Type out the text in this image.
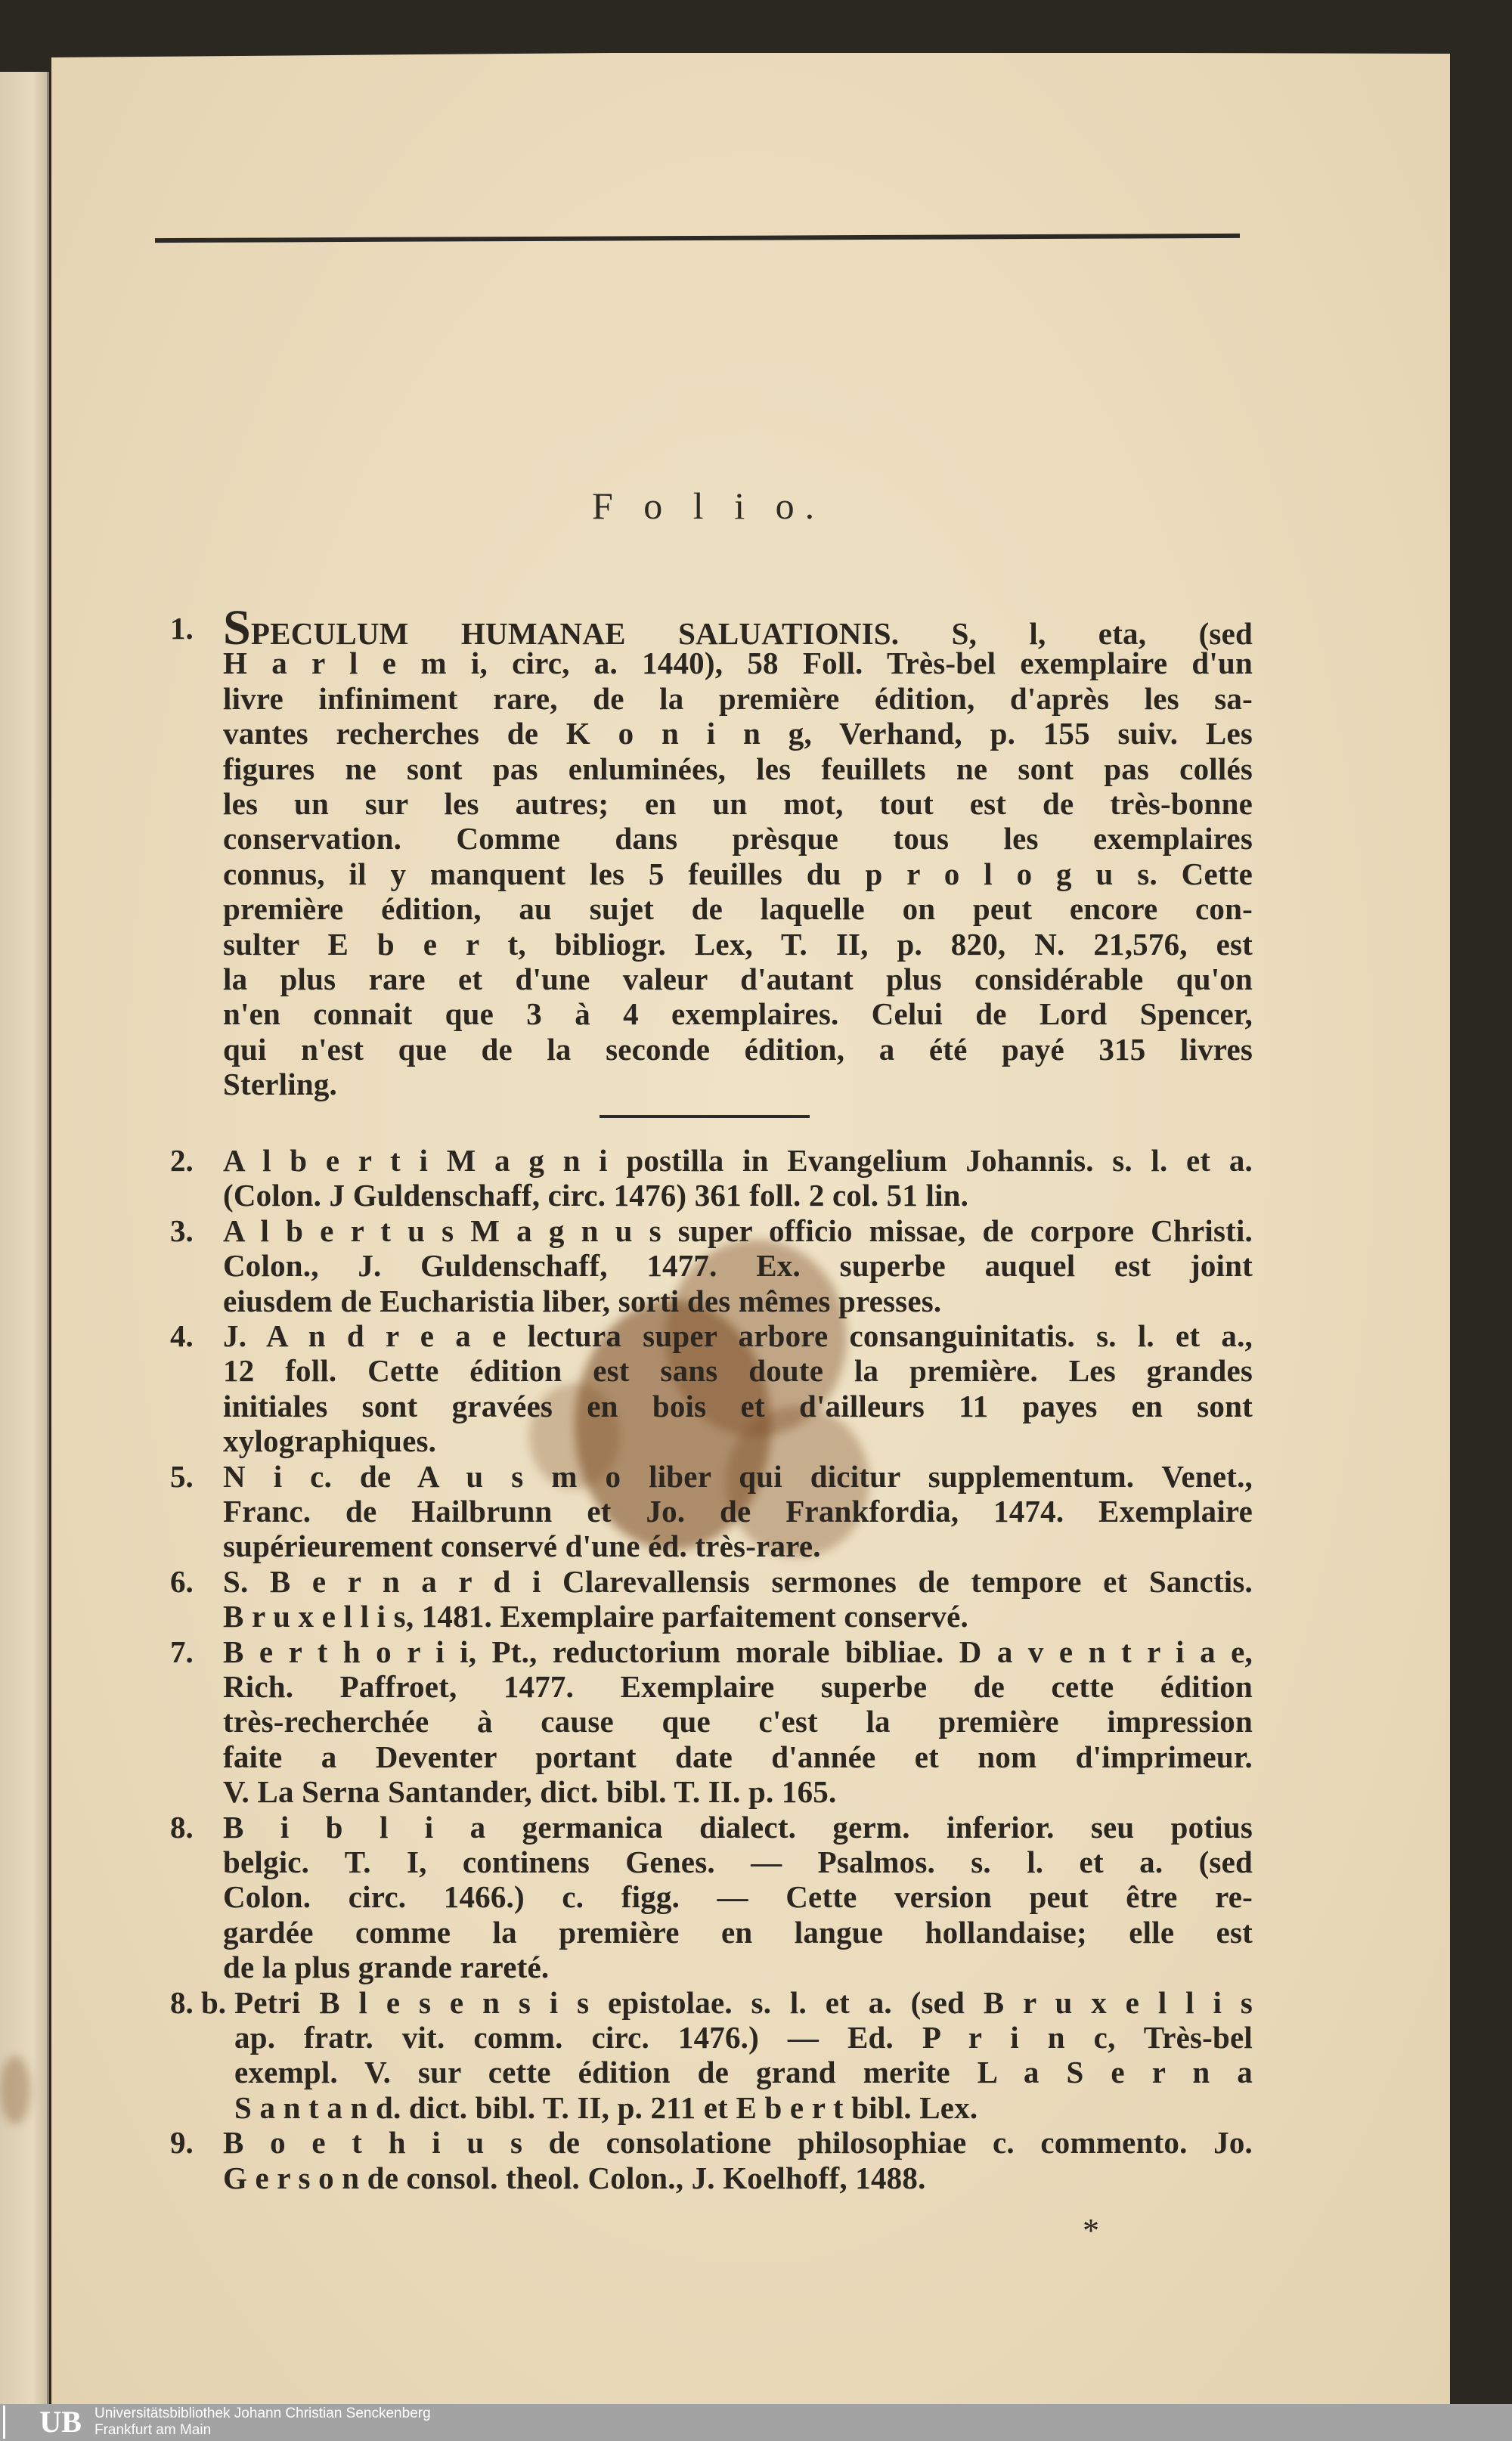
F o l i o.
1. SPECULUM HUMANAE SALUATIONIS. S, l, eta, (sed
H a r l e m i, circ, a. 1440), 58 Foll. Très-bel exemplaire d'un
livre infiniment rare, de la première édition, d'après les sa-
vantes recherches de K o n i n g, Verhand, p. 155 suiv. Les
figures ne sont pas enluminées, les feuillets ne sont pas collés
les un sur les autres; en un mot, tout est de très-bonne
conservation. Comme dans prèsque tous les exemplaires
connus, il y manquent les 5 feuilles du p r o l o g u s. Cette
première édition, au sujet de laquelle on peut encore con-
sulter E b e r t, bibliogr. Lex, T. II, p. 820, N. 21,576, est
la plus rare et d'une valeur d'autant plus considérable qu'on
n'en connait que 3 à 4 exemplaires. Celui de Lord Spencer,
qui n'est que de la seconde édition, a été payé 315 livres
Sterling.
2. A l b e r t i M a g n i postilla in Evangelium Johannis. s. l. et a.
(Colon. J Guldenschaff, circ. 1476) 361 foll. 2 col. 51 lin.
3. A l b e r t u s M a g n u s super officio missae, de corpore Christi.
Colon., J. Guldenschaff, 1477. Ex. superbe auquel est joint
eiusdem de Eucharistia liber, sorti des mêmes presses.
4. J. A n d r e a e lectura super arbore consanguinitatis. s. l. et a.,
12 foll. Cette édition est sans doute la première. Les grandes
initiales sont gravées en bois et d'ailleurs 11 payes en sont
xylographiques.
5. N i c. de A u s m o liber qui dicitur supplementum. Venet.,
Franc. de Hailbrunn et Jo. de Frankfordia, 1474. Exemplaire
supérieurement conservé d'une éd. très-rare.
6. S. B e r n a r d i Clarevallensis sermones de tempore et Sanctis.
B r u x e l l i s, 1481. Exemplaire parfaitement conservé.
7. B e r t h o r i i, Pt., reductorium morale bibliae. D a v e n t r i a e,
Rich. Paffroet, 1477. Exemplaire superbe de cette édition
très-recherchée à cause que c'est la première impression
faite a Deventer portant date d'année et nom d'imprimeur.
V. La Serna Santander, dict. bibl. T. II. p. 165.
8. B i b l i a germanica dialect. germ. inferior. seu potius
belgic. T. I, continens Genes. — Psalmos. s. l. et a. (sed
Colon. circ. 1466.) c. figg. — Cette version peut être re-
gardée comme la première en langue hollandaise; elle est
de la plus grande rareté.
8. b. Petri B l e s e n s i s epistolae. s. l. et a. (sed B r u x e l l i s
ap. fratr. vit. comm. circ. 1476.) — Ed. P r i n c, Très-bel
exempl. V. sur cette édition de grand merite L a S e r n a
S a n t a n d. dict. bibl. T. II, p. 211 et E b e r t bibl. Lex.
9. B o e t h i u s de consolatione philosophiae c. commento. Jo.
G e r s o n de consol. theol. Colon., J. Koelhoff, 1488.
*
UB Universitätsbibliothek Johann Christian Senckenberg
Frankfurt am Main
